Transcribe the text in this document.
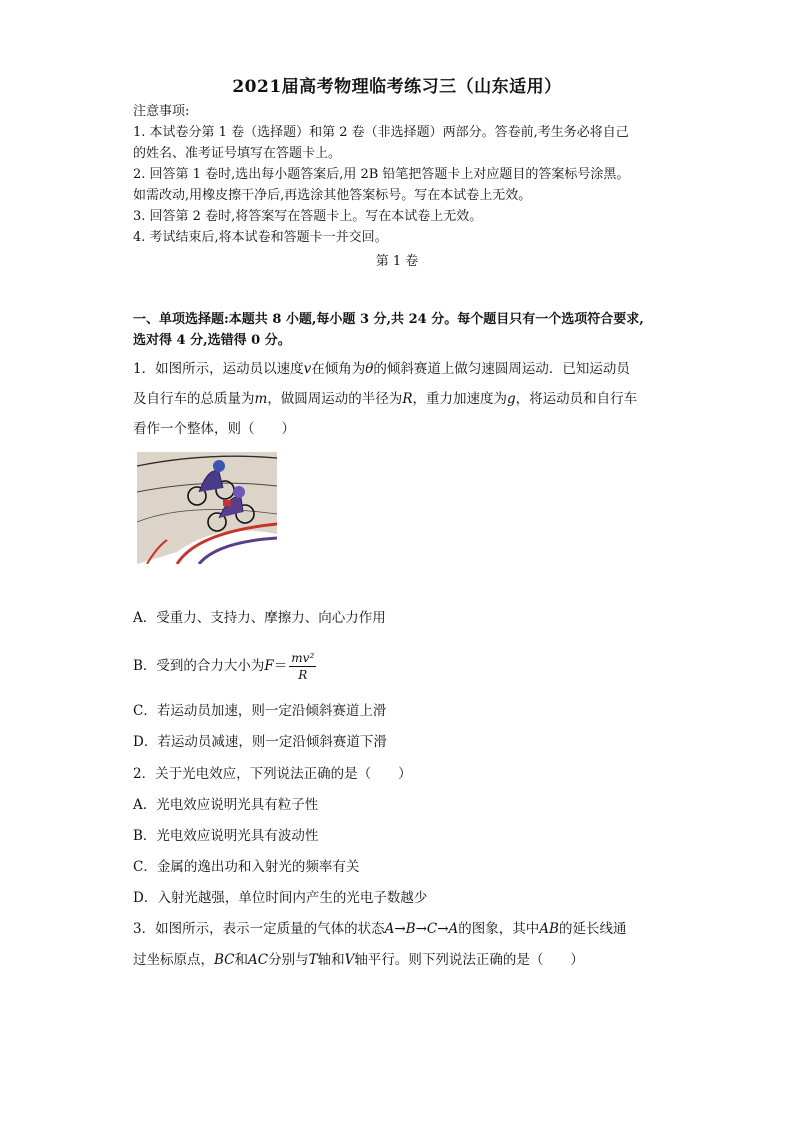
2021届高考物理临考练习三（山东适用）
注意事项:
1. 本试卷分第 1 卷（选择题）和第 2 卷（非选择题）两部分。答卷前,考生务必将自己
的姓名、准考证号填写在答题卡上。
2. 回答第 1 卷时,选出每小题答案后,用 2B 铅笔把答题卡上对应题目的答案标号涂黑。
如需改动,用橡皮擦干净后,再选涂其他答案标号。写在本试卷上无效。
3. 回答第 2 卷时,将答案写在答题卡上。写在本试卷上无效。
4. 考试结束后,将本试卷和答题卡一并交回。
第 1 卷
一、单项选择题:本题共 8 小题,每小题 3 分,共 24 分。每个题目只有一个选项符合要求,
选对得 4 分,选错得 0 分。
1．如图所示，运动员以速度v在倾角为θ的倾斜赛道上做匀速圆周运动．已知运动员
及自行车的总质量为m，做圆周运动的半径为R，重力加速度为g，将运动员和自行车
看作一个整体，则（　　）
A．受重力、支持力、摩擦力、向心力作用
B．受到的合力大小为$F= \frac{\text{mv²}}{R}$
C．若运动员加速，则一定沿倾斜赛道上滑
D．若运动员减速，则一定沿倾斜赛道下滑
2．关于光电效应，下列说法正确的是（　　）
A．光电效应说明光具有粒子性
B．光电效应说明光具有波动性
C．金属的逸出功和入射光的频率有关
D．入射光越强，单位时间内产生的光电子数越少
3．如图所示，表示一定质量的气体的状态A→B→C→A的图象，其中AB的延长线通
过坐标原点，BC和AC分别与T轴和V轴平行。则下列说法正确的是（　　）
